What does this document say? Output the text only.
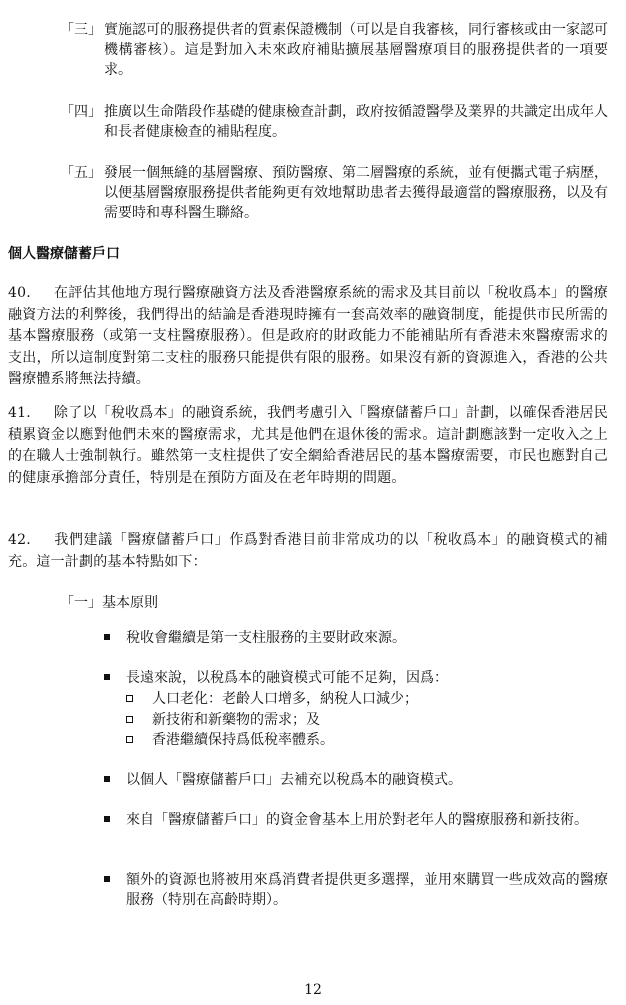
「三」 實施認可的服務提供者的質素保證機制（可以是自我審核，同行審核或由一家認可機構審核）。這是對加入未來政府補貼擴展基層醫療項目的服務提供者的一項要求。
「四」 推廣以生命階段作基礎的健康檢查計劃，政府按循證醫學及業界的共識定出成年人和長者健康檢查的補貼程度。
「五」 發展一個無縫的基層醫療、預防醫療、第二層醫療的系統，並有便攜式電子病歷，以便基層醫療服務提供者能夠更有效地幫助患者去獲得最適當的醫療服務，以及有需要時和專科醫生聯絡。
個人醫療儲蓄戶口
40. 在評估其他地方現行醫療融資方法及香港醫療系統的需求及其目前以「稅收爲本」的醫療融資方法的利弊後，我們得出的結論是香港現時擁有一套高效率的融資制度，能提供市民所需的基本醫療服務（或第一支柱醫療服務）。但是政府的財政能力不能補貼所有香港未來醫療需求的支出，所以這制度對第二支柱的服務只能提供有限的服務。如果沒有新的資源進入，香港的公共醫療體系將無法持續。
41. 除了以「稅收爲本」的融資系統，我們考慮引入「醫療儲蓄戶口」計劃，以確保香港居民積累資金以應對他們未來的醫療需求，尤其是他們在退休後的需求。這計劃應該對一定收入之上的在職人士強制執行。雖然第一支柱提供了安全網給香港居民的基本醫療需要，市民也應對自己的健康承擔部分責任，特別是在預防方面及在老年時期的問題。
42. 我們建議「醫療儲蓄戶口」作爲對香港目前非常成功的以「稅收爲本」的融資模式的補充。這一計劃的基本特點如下：
「一」基本原則
稅收會繼續是第一支柱服務的主要財政來源。
長遠來說，以稅爲本的融資模式可能不足夠，因爲：
人口老化：老齡人口增多，納稅人口減少；
新技術和新藥物的需求；及
香港繼續保持爲低稅率體系。
以個人「醫療儲蓄戶口」去補充以稅爲本的融資模式。
來自「醫療儲蓄戶口」的資金會基本上用於對老年人的醫療服務和新技術。
額外的資源也將被用來爲消費者提供更多選擇，並用來購買一些成效高的醫療服務（特別在高齡時期）。
12
